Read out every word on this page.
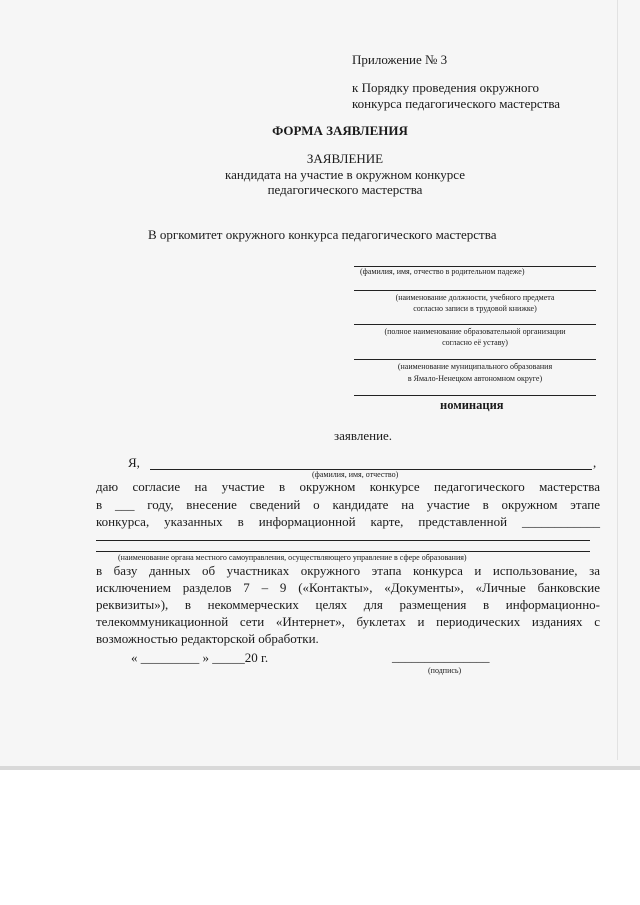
Приложение № 3
к Порядку проведения окружного
конкурса педагогического мастерства
ФОРМА ЗАЯВЛЕНИЯ
ЗАЯВЛЕНИЕ
кандидата на участие в окружном конкурсе
педагогического мастерства
В оргкомитет окружного конкурса педагогического мастерства
(фамилия, имя, отчество в родительном падеже)
(наименование должности, учебного предмета
согласно записи в трудовой книжке)
(полное наименование образовательной организации
согласно её уставу)
(наименование муниципального образования
в Ямало-Ненецком автономном округе)
номинация
заявление.
Я,	,
(фамилия, имя, отчество)
даю согласие на участие в окружном конкурсе педагогического мастерства
в ___ году, внесение сведений о кандидате на участие в окружном этапе
конкурса, указанных в информационной карте, представленной ____________
(наименование органа местного самоуправления, осуществляющего управление в сфере образования)
в базу данных об участниках окружного этапа конкурса и использование, за
исключением разделов 7 – 9 («Контакты», «Документы», «Личные банковские
реквизиты»), в некоммерческих целях для размещения в информационно-
телекоммуникационной сети «Интернет», буклетах и периодических изданиях с
возможностью редакторской обработки.
« _________ » _____20 г.	_______________
(подпись)
